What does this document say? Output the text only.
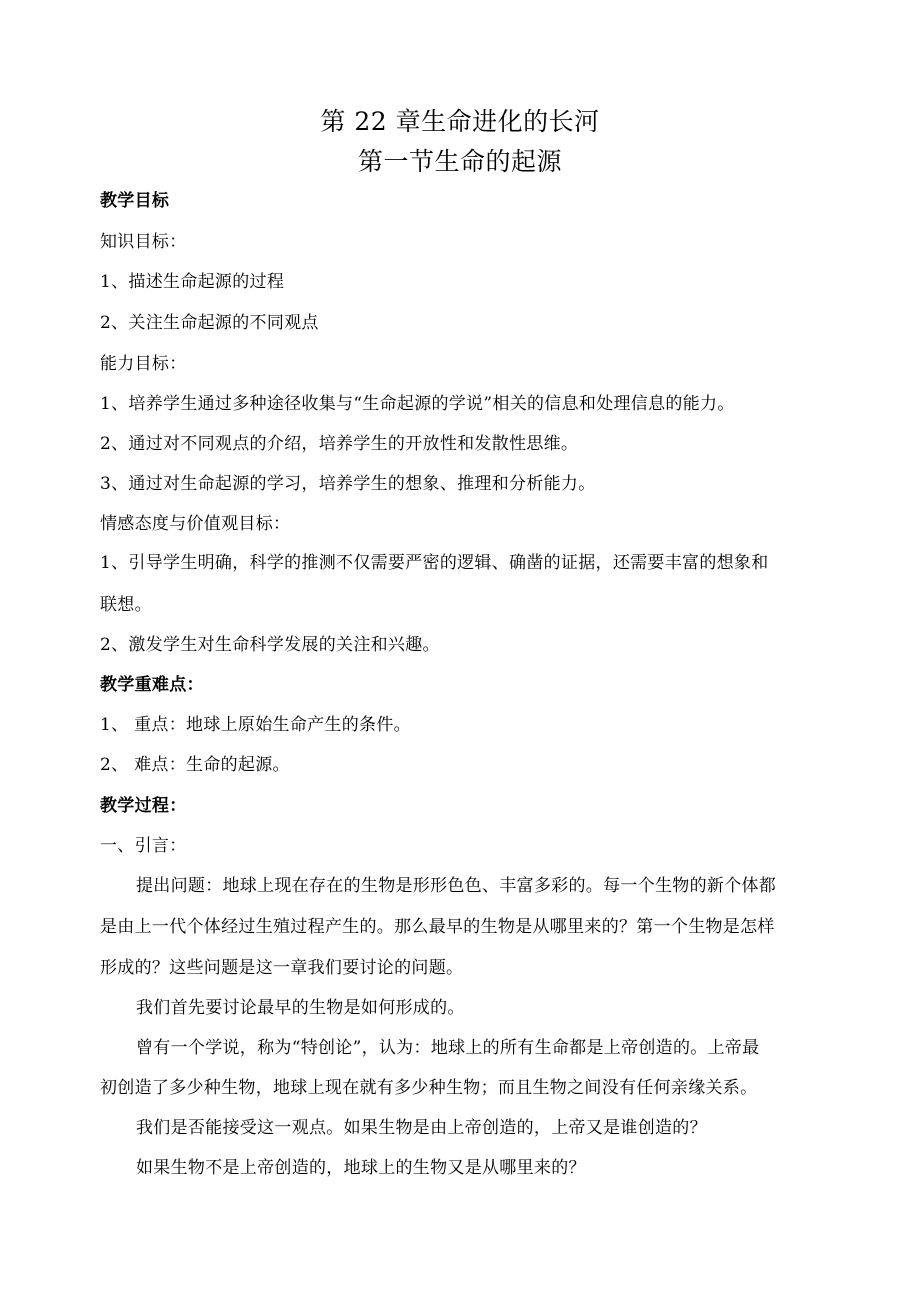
第 22 章生命进化的长河
第一节生命的起源
教学目标
知识目标：
1、描述生命起源的过程
2、关注生命起源的不同观点
能力目标：
1、培养学生通过多种途径收集与“生命起源的学说”相关的信息和处理信息的能力。
2、通过对不同观点的介绍，培养学生的开放性和发散性思维。
3、通过对生命起源的学习，培养学生的想象、推理和分析能力。
情感态度与价值观目标：
1、引导学生明确，科学的推测不仅需要严密的逻辑、确凿的证据，还需要丰富的想象和
联想。
2、激发学生对生命科学发展的关注和兴趣。
教学重难点：
1、 重点：地球上原始生命产生的条件。
2、 难点：生命的起源。
教学过程：
一、引言：
提出问题：地球上现在存在的生物是形形色色、丰富多彩的。每一个生物的新个体都
是由上一代个体经过生殖过程产生的。那么最早的生物是从哪里来的？第一个生物是怎样
形成的？这些问题是这一章我们要讨论的问题。
我们首先要讨论最早的生物是如何形成的。
曾有一个学说，称为“特创论”，认为：地球上的所有生命都是上帝创造的。上帝最
初创造了多少种生物，地球上现在就有多少种生物；而且生物之间没有任何亲缘关系。
我们是否能接受这一观点。如果生物是由上帝创造的，上帝又是谁创造的？
如果生物不是上帝创造的，地球上的生物又是从哪里来的？
